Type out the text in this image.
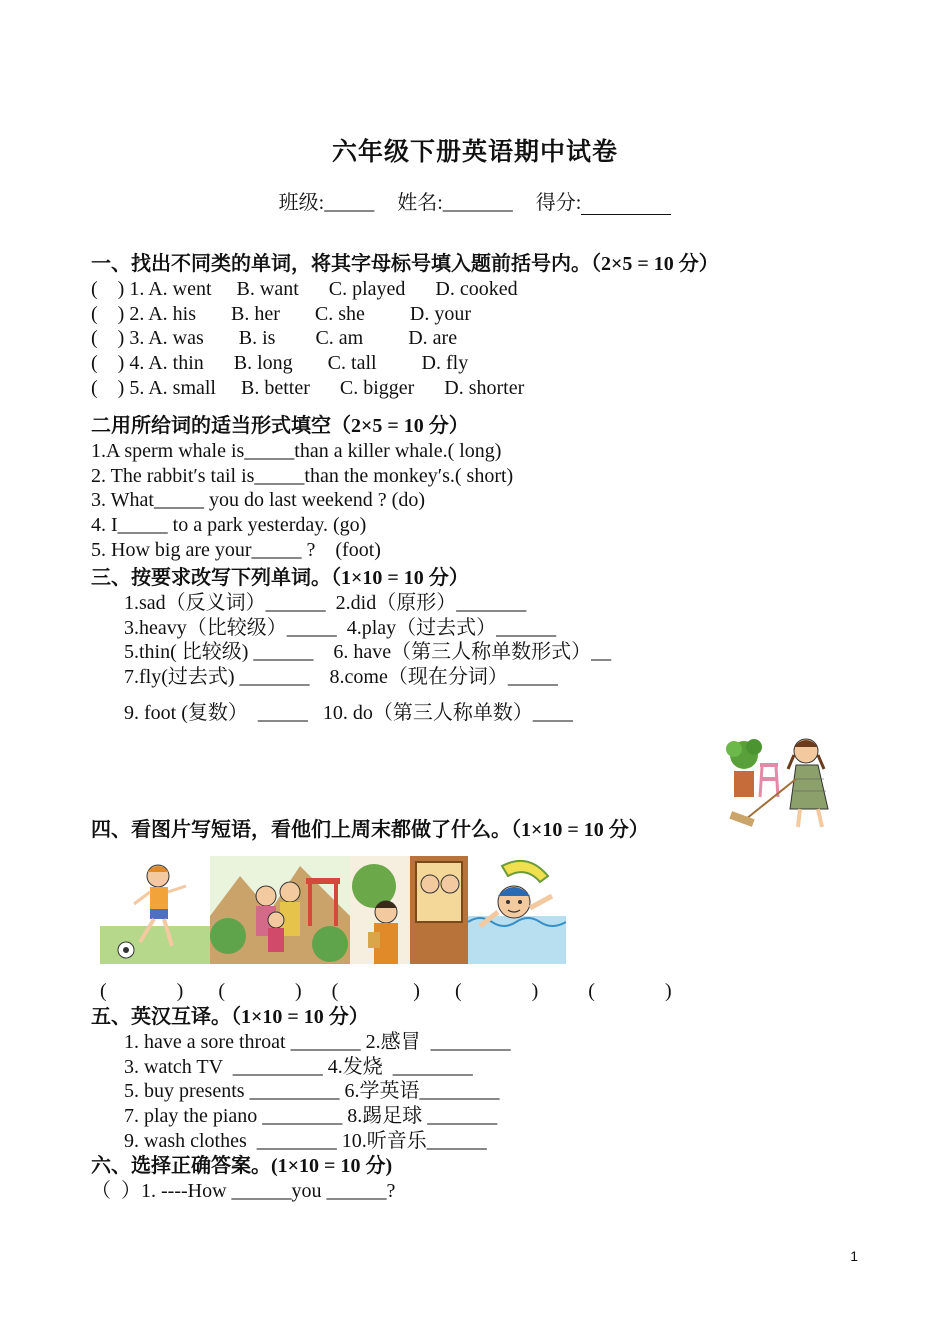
六年级下册英语期中试卷
班级:_____ 姓名:_______ 得分:
一、找出不同类的单词，将其字母标号填入题前括号内。（2×5 = 10 分）
(    ) 1. A. went     B. want      C. played      D. cooked
(    ) 2. A. his       B. her       C. she         D. your
(    ) 3. A. was       B. is        C. am         D. are
(    ) 4. A. thin      B. long       C. tall         D. fly
(    ) 5. A. small     B. better      C. bigger      D. shorter
二用所给词的适当形式填空（2×5 = 10 分）
1.A sperm whale is_____than a killer whale.( long)
2. The rabbit′s tail is_____than the monkey′s.( short)
3. What_____ you do last weekend ? (do)
4. I_____ to a park yesterday. (go)
5. How big are your_____ ?    (foot)
三、按要求改写下列单词。（1×10 = 10 分）
1.sad（反义词）______  2.did（原形）_______
3.heavy（比较级）_____  4.play（过去式）______
5.thin( 比较级) ______    6. have（第三人称单数形式）__
7.fly(过去式) _______    8.come（现在分词）_____
9. foot (复数）  _____   10. do（第三人称单数）____
四、看图片写短语，看他们上周末都做了什么。（1×10 = 10 分）
(              )       (              )      (               )       (              )          (              )
五、英汉互译。（1×10 = 10 分）
1. have a sore throat _______ 2.感冒  ________
3. watch TV  _________ 4.发烧  ________
5. buy presents _________ 6.学英语________
7. play the piano ________ 8.踢足球 _______
9. wash clothes  ________ 10.听音乐______
六、选择正确答案。(1×10 = 10 分)
（  ）1. ----How ______you ______?
1
